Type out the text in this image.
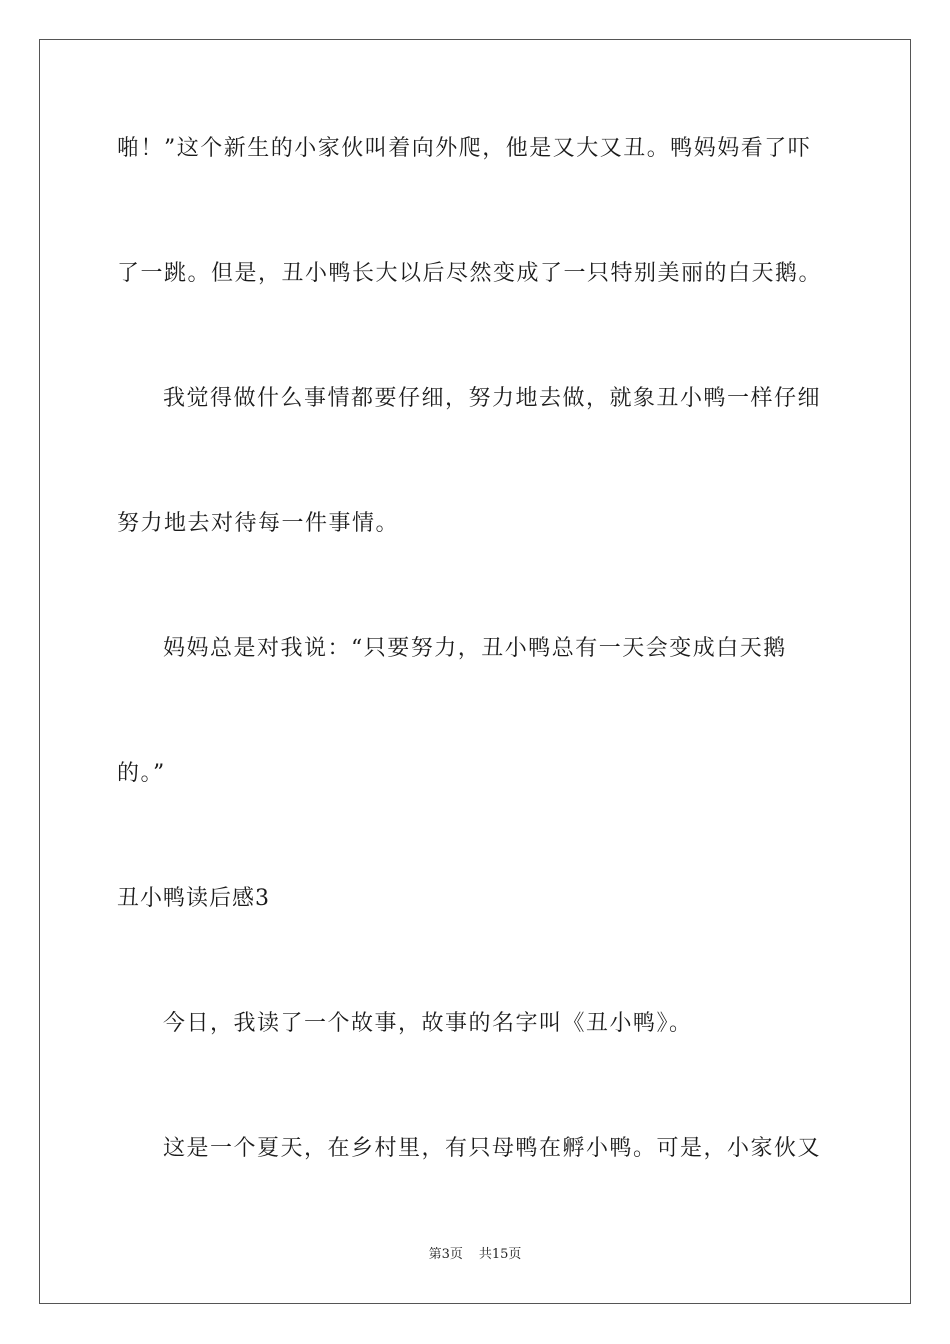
啪！”这个新生的小家伙叫着向外爬，他是又大又丑。鸭妈妈看了吓
了一跳。但是，丑小鸭长大以后尽然变成了一只特别美丽的白天鹅。
我觉得做什么事情都要仔细，努力地去做，就象丑小鸭一样仔细
努力地去对待每一件事情。
妈妈总是对我说：“只要努力，丑小鸭总有一天会变成白天鹅
的。”
丑小鸭读后感3
今日，我读了一个故事，故事的名字叫《丑小鸭》。
这是一个夏天，在乡村里，有只母鸭在孵小鸭。可是，小家伙又
第3页 共15页
